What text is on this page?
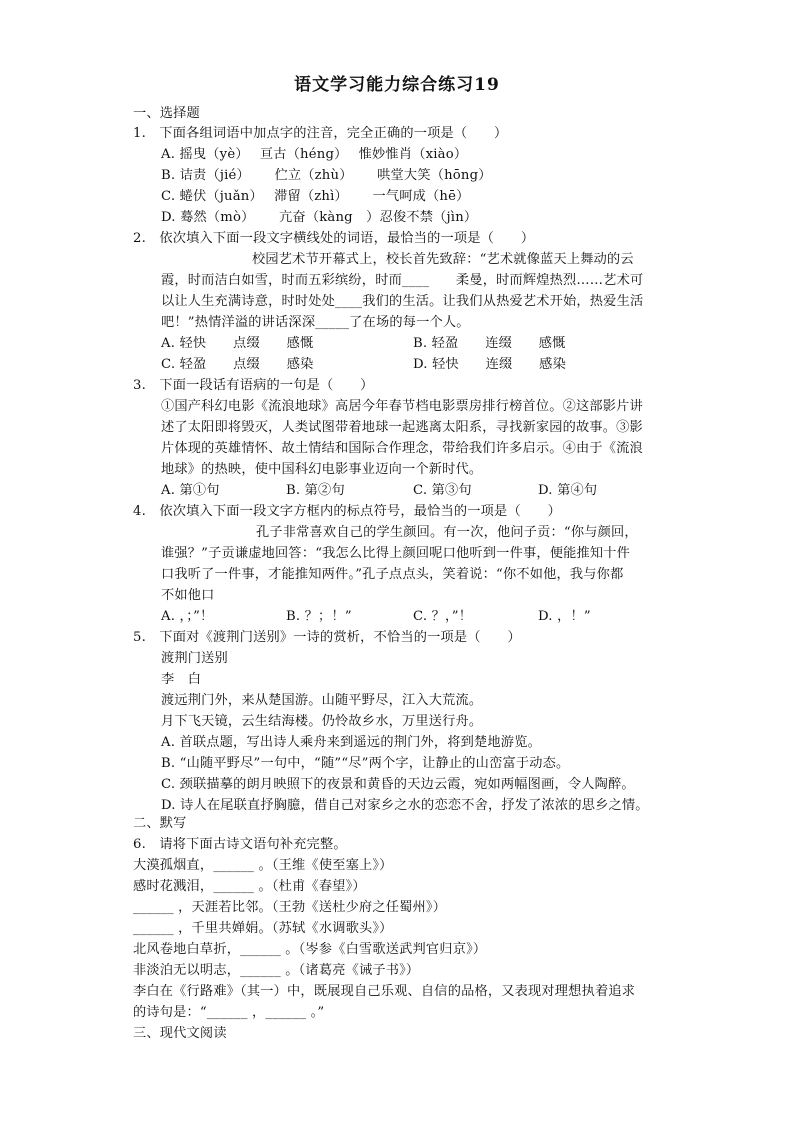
语文学习能力综合练习19
一、选择题
1.　下面各组词语中加点字的注音，完全正确的一项是（　　）
A. 摇曳（yè）　 亘古（héng）　 惟妙惟肖（xiào）
B. 诘责（jié）　 　伫立（zhù）　 　哄堂大笑（hōng）
C. 蜷伏（juǎn）　 滞留（zhì）　 　一气呵成（hē）
D. 蓦然（mò）　 　亢奋（kàng　）忍俊不禁（jìn）
2.　依次填入下面一段文字横线处的词语，最恰当的一项是（　　）
校园艺术节开幕式上，校长首先致辞：“艺术就像蓝天上舞动的云
霞，时而洁白如雪，时而五彩缤纷，时而____　　柔曼，时而辉煌热烈……艺术可
以让人生充满诗意，时时处处____我们的生活。让我们从热爱艺术开始，热爱生活
吧！”热情洋溢的讲话深深_____了在场的每一个人。
A. 轻快　　点缀　　感慨	B. 轻盈　　连缀　　感慨
C. 轻盈　　点缀　　感染	D. 轻快　　连缀　　感染
3.　下面一段话有语病的一句是（　　）
①国产科幻电影《流浪地球》高居今年春节档电影票房排行榜首位。②这部影片讲
述了太阳即将毁灭，人类试图带着地球一起逃离太阳系，寻找新家园的故事。③影
片体现的英雄情怀、故土情结和国际合作理念，带给我们许多启示。④由于《流浪
地球》的热映，使中国科幻电影事业迈向一个新时代。
A. 第①句	B. 第②句	C. 第③句	D. 第④句
4.　依次填入下面一段文字方框内的标点符号，最恰当的一项是（　　）
孔子非常喜欢自己的学生颜回。有一次，他问子贡：“你与颜回，
谁强？”子贡谦虚地回答：“我怎么比得上颜回呢口他听到一件事，便能推知十件
口我听了一件事，才能推知两件。”孔子点点头，笑着说：“你不如他，我与你都
不如他口
A. ，；”！	B. ？；！”	C. ？，”！	D. ，！”
5.　下面对《渡荆门送别》一诗的赏析，不恰当的一项是（　　）
渡荆门送别
李　白
渡远荆门外，来从楚国游。山随平野尽，江入大荒流。
月下飞天镜，云生结海楼。仍怜故乡水，万里送行舟。
A. 首联点题，写出诗人乘舟来到遥远的荆门外，将到楚地游览。
B. “山随平野尽”一句中，“随”“尽”两个字，让静止的山峦富于动态。
C. 颈联描摹的朗月映照下的夜景和黄昏的天边云霞，宛如两幅图画，令人陶醉。
D. 诗人在尾联直抒胸臆，借自己对家乡之水的恋恋不舍，抒发了浓浓的思乡之情。
二、默写
6.　请将下面古诗文语句补充完整。
大漠孤烟直，______ 。（王维《使至塞上》）
感时花溅泪，______ 。（杜甫《春望》）
______ ，天涯若比邻。（王勃《送杜少府之任蜀州》）
______ ，千里共婵娟。（苏轼《水调歌头》）
北风卷地白草折，______ 。（岑参《白雪歌送武判官归京》）
非淡泊无以明志，______ 。（诸葛亮《诫子书》）
李白在《行路难》（其一）中，既展现自己乐观、自信的品格，又表现对理想执着追求
的诗句是：“______ ，______ 。”
三、现代文阅读
